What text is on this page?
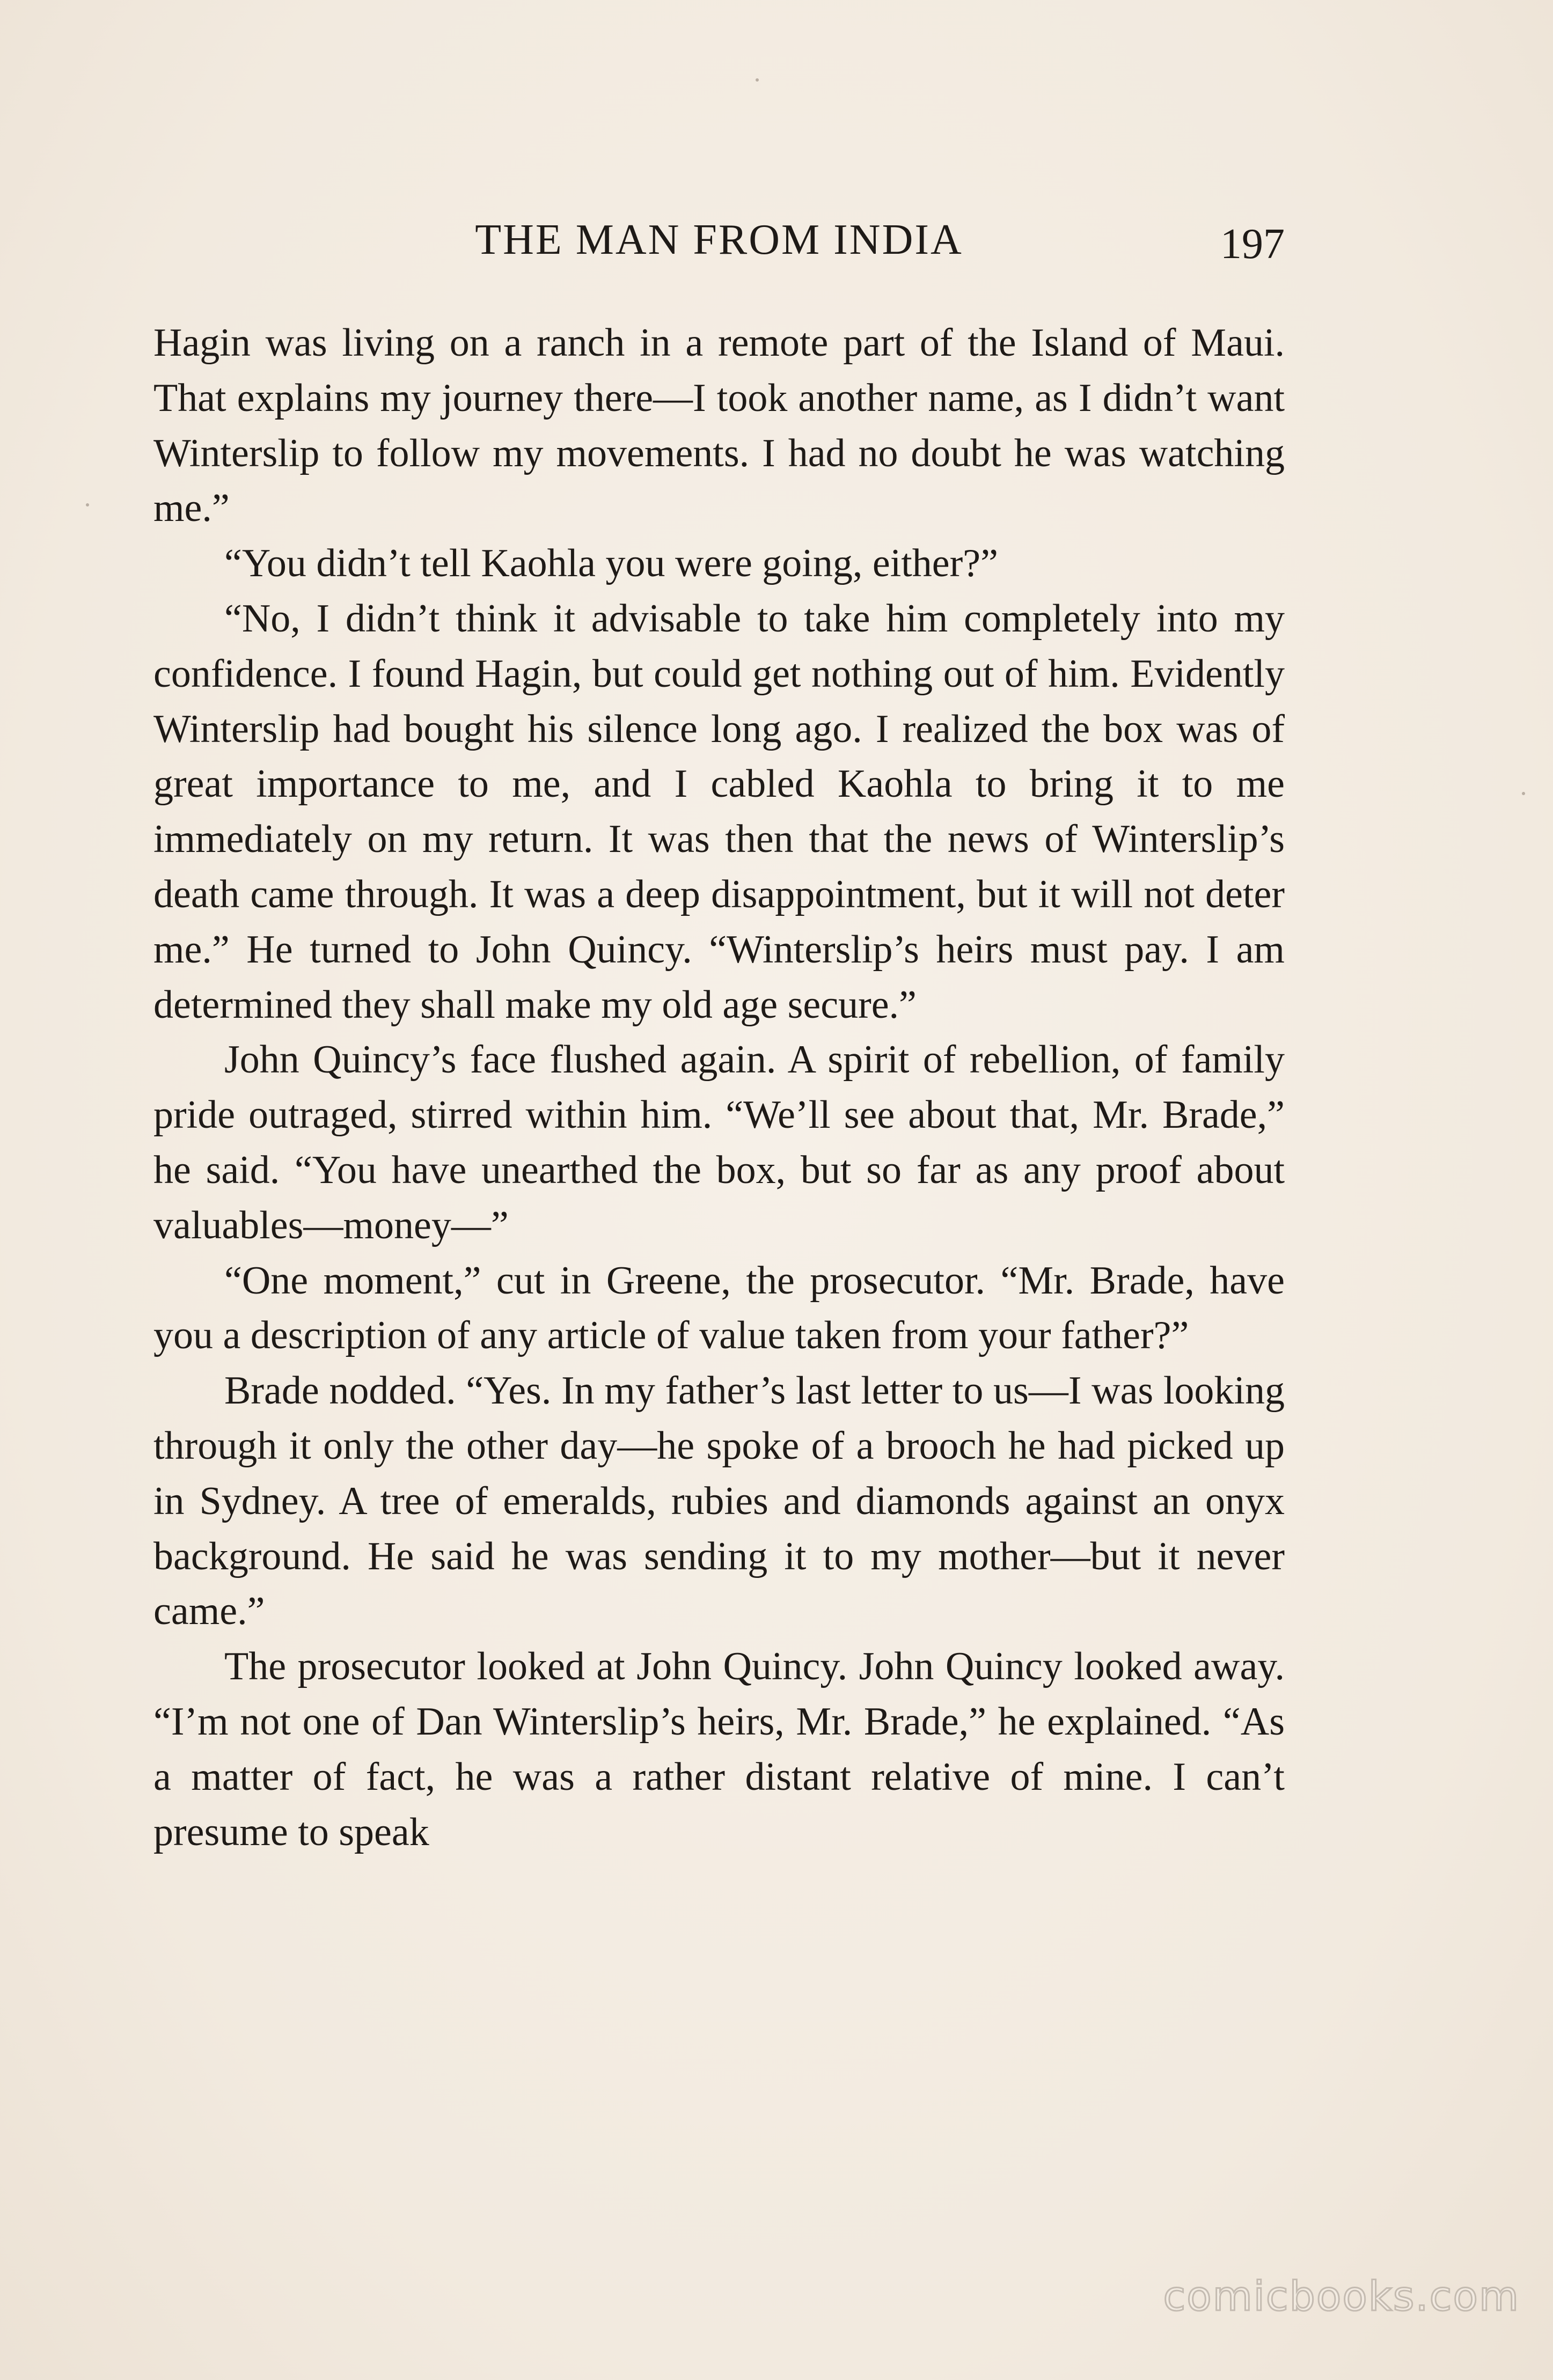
THE MAN FROM INDIA	197

Hagin was living on a ranch in a remote part of the Island of Maui. That explains my journey there—I took another name, as I didn’t want Winterslip to follow my movements. I had no doubt he was watching me.”

“You didn’t tell Kaohla you were going, either?”

“No, I didn’t think it advisable to take him completely into my confidence. I found Hagin, but could get nothing out of him. Evidently Winterslip had bought his silence long ago. I realized the box was of great importance to me, and I cabled Kaohla to bring it to me immediately on my return. It was then that the news of Winterslip’s death came through. It was a deep disappointment, but it will not deter me.” He turned to John Quincy. “Winterslip’s heirs must pay. I am determined they shall make my old age secure.”

John Quincy’s face flushed again. A spirit of rebellion, of family pride outraged, stirred within him. “We’ll see about that, Mr. Brade,” he said. “You have unearthed the box, but so far as any proof about valuables—money—”

“One moment,” cut in Greene, the prosecutor. “Mr. Brade, have you a description of any article of value taken from your father?”

Brade nodded. “Yes. In my father’s last letter to us—I was looking through it only the other day—he spoke of a brooch he had picked up in Sydney. A tree of emeralds, rubies and diamonds against an onyx background. He said he was sending it to my mother—but it never came.”

The prosecutor looked at John Quincy. John Quincy looked away. “I’m not one of Dan Winterslip’s heirs, Mr. Brade,” he explained. “As a matter of fact, he was a rather distant relative of mine. I can’t presume to speak

comicbooks.com
